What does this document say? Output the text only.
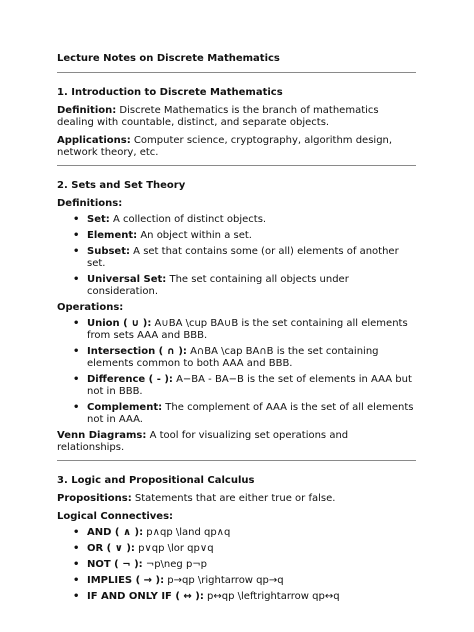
Lecture Notes on Discrete Mathematics
1. Introduction to Discrete Mathematics

Definition: Discrete Mathematics is the branch of mathematics dealing with countable, distinct, and separate objects.

Applications: Computer science, cryptography, algorithm design, network theory, etc.

2. Sets and Set Theory

Definitions:

• Set: A collection of distinct objects.
• Element: An object within a set.
• Subset: A set that contains some (or all) elements of another set.
• Universal Set: The set containing all objects under consideration.

Operations:

• Union ( ∪ ): A∪BA \cup BA∪B is the set containing all elements from sets AAA and BBB.
• Intersection ( ∩ ): A∩BA \cap BA∩B is the set containing elements common to both AAA and BBB.
• Difference ( - ): A−BA - BA−B is the set of elements in AAA but not in BBB.
• Complement: The complement of AAA is the set of all elements not in AAA.

Venn Diagrams: A tool for visualizing set operations and relationships.

3. Logic and Propositional Calculus

Propositions: Statements that are either true or false.

Logical Connectives:

• AND ( ∧ ): p∧qp \land qp∧q
• OR ( ∨ ): p∨qp \lor qp∨q
• NOT ( ¬ ): ¬p\neg p¬p
• IMPLIES ( → ): p→qp \rightarrow qp→q
• IF AND ONLY IF ( ↔ ): p↔qp \leftrightarrow qp↔q
